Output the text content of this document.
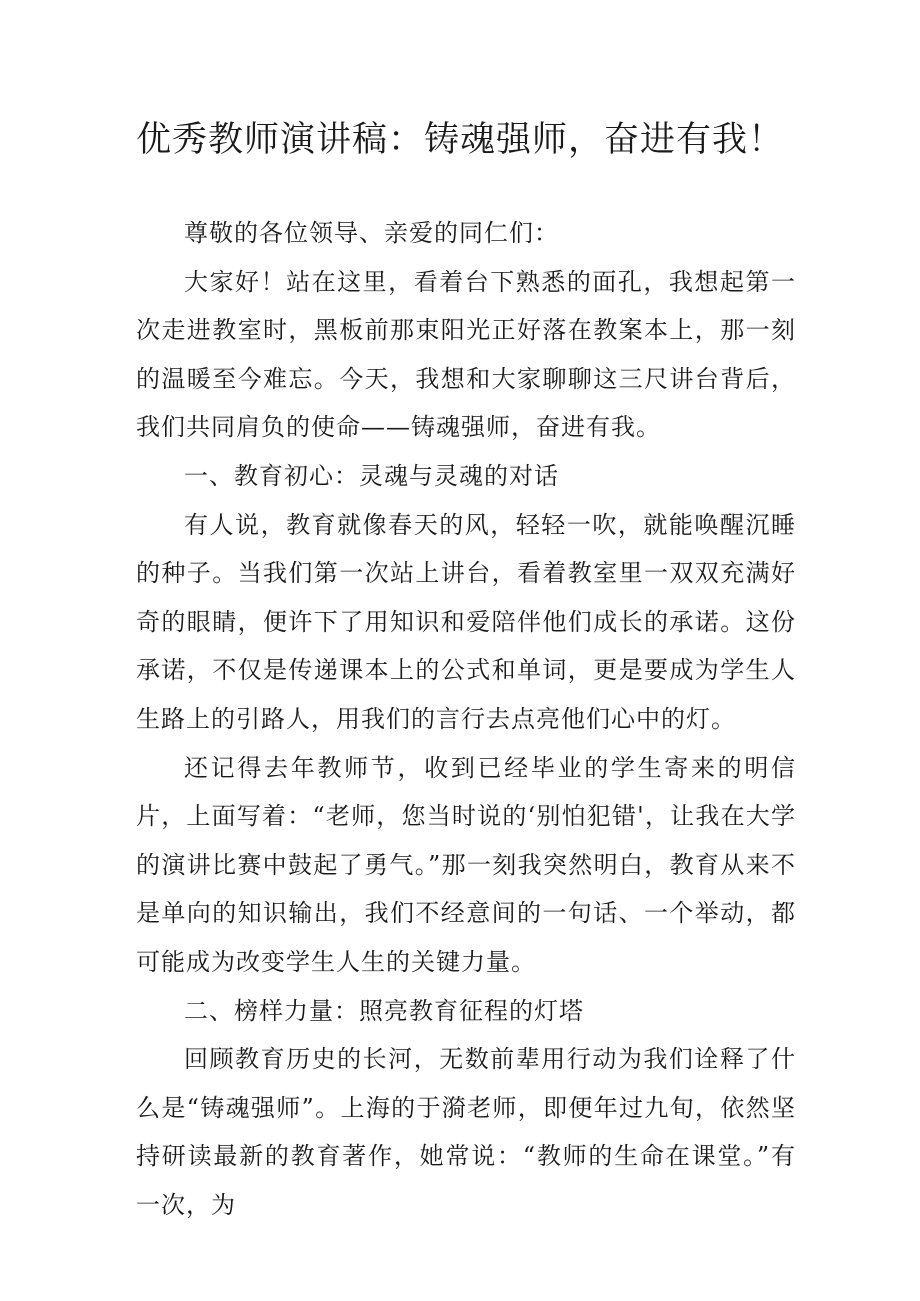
优秀教师演讲稿：铸魂强师，奋进有我！

尊敬的各位领导、亲爱的同仁们：

大家好！站在这里，看着台下熟悉的面孔，我想起第一次走进教室时，黑板前那束阳光正好落在教案本上，那一刻的温暖至今难忘。今天，我想和大家聊聊这三尺讲台背后，我们共同肩负的使命——铸魂强师，奋进有我。

一、教育初心：灵魂与灵魂的对话

有人说，教育就像春天的风，轻轻一吹，就能唤醒沉睡的种子。当我们第一次站上讲台，看着教室里一双双充满好奇的眼睛，便许下了用知识和爱陪伴他们成长的承诺。这份承诺，不仅是传递课本上的公式和单词，更是要成为学生人生路上的引路人，用我们的言行去点亮他们心中的灯。

还记得去年教师节，收到已经毕业的学生寄来的明信片，上面写着：“老师，您当时说的‘别怕犯错'，让我在大学的演讲比赛中鼓起了勇气。”那一刻我突然明白，教育从来不是单向的知识输出，我们不经意间的一句话、一个举动，都可能成为改变学生人生的关键力量。

二、榜样力量：照亮教育征程的灯塔

回顾教育历史的长河，无数前辈用行动为我们诠释了什么是“铸魂强师”。上海的于漪老师，即便年过九旬，依然坚持研读最新的教育著作，她常说：“教师的生命在课堂。”有一次，为
